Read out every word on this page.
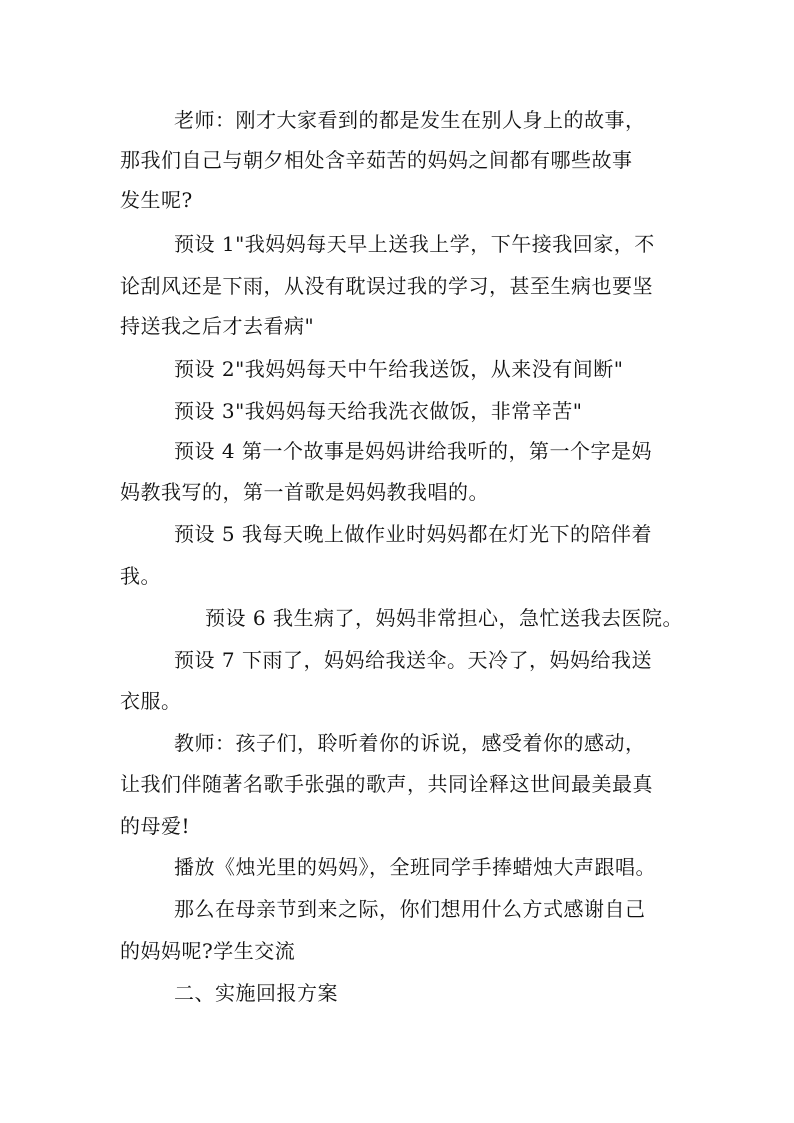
老师：刚才大家看到的都是发生在别人身上的故事，
那我们自己与朝夕相处含辛茹苦的妈妈之间都有哪些故事
发生呢?
预设 1"我妈妈每天早上送我上学，下午接我回家，不
论刮风还是下雨，从没有耽误过我的学习，甚至生病也要坚
持送我之后才去看病"
预设 2"我妈妈每天中午给我送饭，从来没有间断"
预设 3"我妈妈每天给我洗衣做饭，非常辛苦"
预设 4 第一个故事是妈妈讲给我听的，第一个字是妈
妈教我写的，第一首歌是妈妈教我唱的。
预设 5 我每天晚上做作业时妈妈都在灯光下的陪伴着
我。
预设 6 我生病了，妈妈非常担心，急忙送我去医院。
预设 7 下雨了，妈妈给我送伞。天冷了，妈妈给我送
衣服。
教师：孩子们，聆听着你的诉说，感受着你的感动，
让我们伴随著名歌手张强的歌声，共同诠释这世间最美最真
的母爱!
播放《烛光里的妈妈》，全班同学手捧蜡烛大声跟唱。
那么在母亲节到来之际，你们想用什么方式感谢自己
的妈妈呢?学生交流
二、实施回报方案
